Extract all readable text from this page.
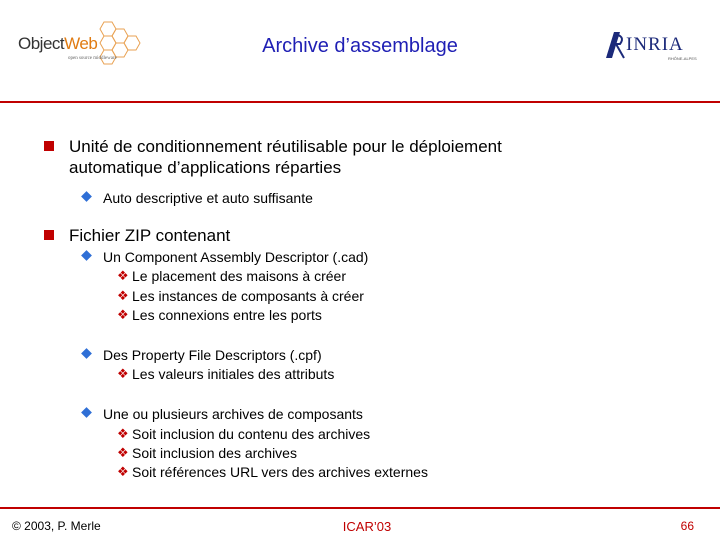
ObjectWeb
open source middleware
Archive d’assemblage	INRIA
RHÔNE-ALPES
Unité de conditionnement réutilisable pour le déploiement
automatique d’applications réparties
Auto descriptive et auto suffisante
Fichier ZIP contenant
Un Component Assembly Descriptor (.cad)
❖ Le placement des maisons à créer
❖ Les instances de composants à créer
❖ Les connexions entre les ports
Des Property File Descriptors (.cpf)
❖ Les valeurs initiales des attributs
Une ou plusieurs archives de composants
❖ Soit inclusion du contenu des archives
❖ Soit inclusion des archives
❖ Soit références URL vers des archives externes
© 2003, P. Merle	ICAR’03	66
